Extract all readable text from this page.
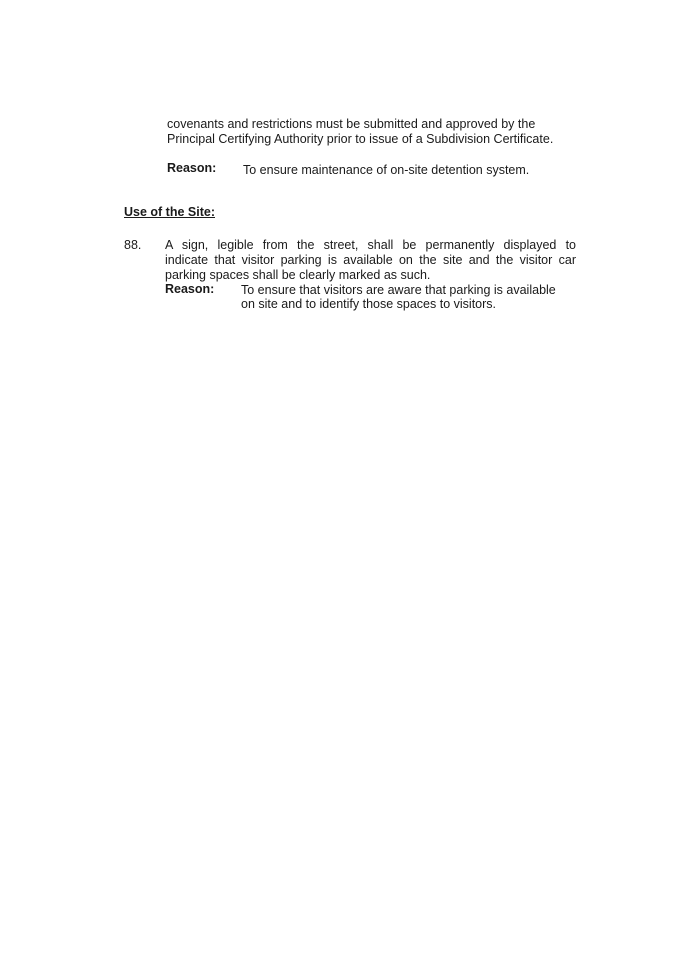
covenants and restrictions must be submitted and approved by the
Principal Certifying Authority prior to issue of a Subdivision Certificate.
Reason: To ensure maintenance of on-site detention system.
Use of the Site:
88. A sign, legible from the street, shall be permanently displayed to
indicate that visitor parking is available on the site and the visitor car
parking spaces shall be clearly marked as such.
Reason: To ensure that visitors are aware that parking is available
on site and to identify those spaces to visitors.
